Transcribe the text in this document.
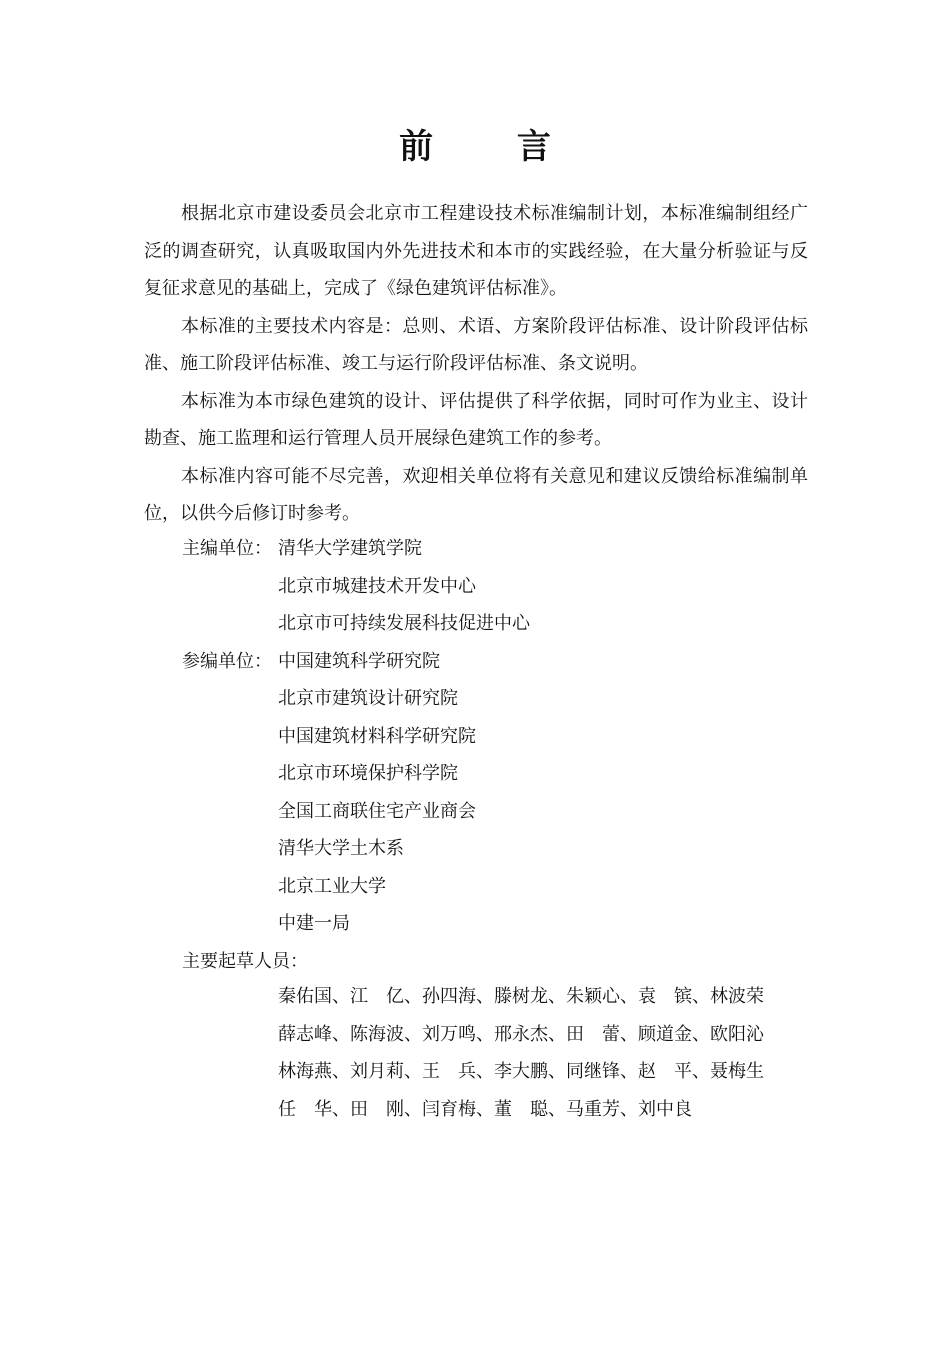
前 言

根据北京市建设委员会北京市工程建设技术标准编制计划，本标准编制组经广泛的调查研究，认真吸取国内外先进技术和本市的实践经验，在大量分析验证与反复征求意见的基础上，完成了《绿色建筑评估标准》。

本标准的主要技术内容是：总则、术语、方案阶段评估标准、设计阶段评估标准、施工阶段评估标准、竣工与运行阶段评估标准、条文说明。

本标准为本市绿色建筑的设计、评估提供了科学依据，同时可作为业主、设计勘查、施工监理和运行管理人员开展绿色建筑工作的参考。

本标准内容可能不尽完善，欢迎相关单位将有关意见和建议反馈给标准编制单位，以供今后修订时参考。

主编单位： 清华大学建筑学院
北京市城建技术开发中心
北京市可持续发展科技促进中心
参编单位： 中国建筑科学研究院
北京市建筑设计研究院
中国建筑材料科学研究院
北京市环境保护科学院
全国工商联住宅产业商会
清华大学土木系
北京工业大学
中建一局
主要起草人员：
秦佑国、江　亿、孙四海、滕树龙、朱颖心、袁　镔、林波荣
薛志峰、陈海波、刘万鸣、邢永杰、田　蕾、顾道金、欧阳沁
林海燕、刘月莉、王　兵、李大鹏、同继锋、赵　平、聂梅生
任　华、田　刚、闫育梅、董　聪、马重芳、刘中良
